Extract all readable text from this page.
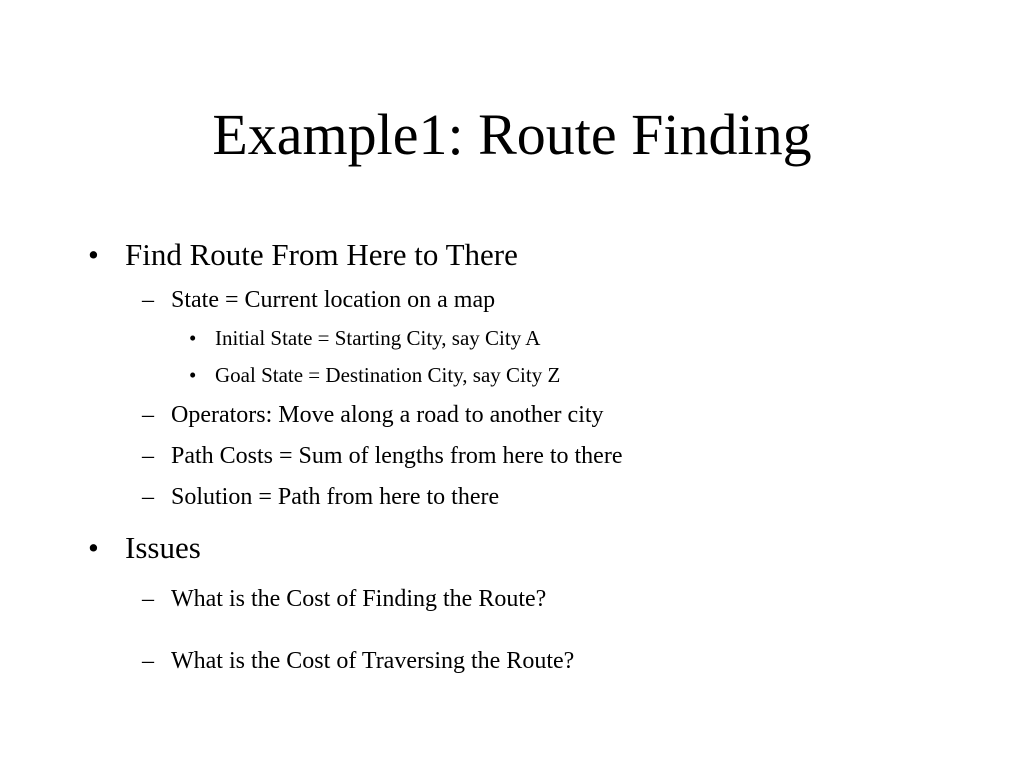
Example1: Route Finding
• Find Route From Here to There
– State = Current location on a map
• Initial State = Starting City, say City A
• Goal State = Destination City, say City Z
– Operators: Move along a road to another city
– Path Costs = Sum of lengths from here to there
– Solution = Path from here to there
• Issues
– What is the Cost of Finding the Route?
– What is the Cost of Traversing the Route?
